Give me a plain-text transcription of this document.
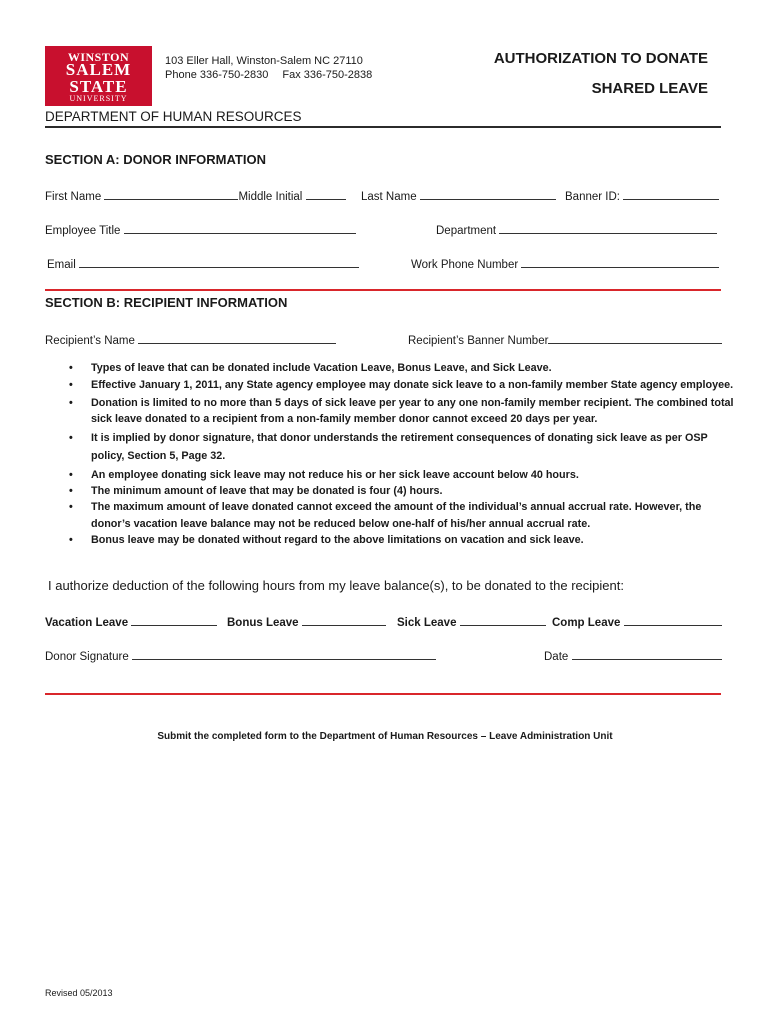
WINSTON
SALEM
STATE
UNIVERSITY
103 Eller Hall, Winston-Salem NC 27110
Phone 336-750-2830 Fax 336-750-2838
AUTHORIZATION TO DONATE
SHARED LEAVE
DEPARTMENT OF HUMAN RESOURCES
SECTION A: DONOR INFORMATION
First Name	Middle Initial	Last Name	Banner ID:
Employee Title	Department
Email	Work Phone Number
SECTION B: RECIPIENT INFORMATION
Recipient’s Name	Recipient’s Banner Number
• Types of leave that can be donated include Vacation Leave, Bonus Leave, and Sick Leave.
• Effective January 1, 2011, any State agency employee may donate sick leave to a non-family member State agency employee.
• Donation is limited to no more than 5 days of sick leave per year to any one non-family member recipient. The combined total sick leave donated to a recipient from a non-family member donor cannot exceed 20 days per year.
• It is implied by donor signature, that donor understands the retirement consequences of donating sick leave as per OSP policy, Section 5, Page 32.
• An employee donating sick leave may not reduce his or her sick leave account below 40 hours.
• The minimum amount of leave that may be donated is four (4) hours.
• The maximum amount of leave donated cannot exceed the amount of the individual’s annual accrual rate. However, the donor’s vacation leave balance may not be reduced below one-half of his/her annual accrual rate.
• Bonus leave may be donated without regard to the above limitations on vacation and sick leave.
I authorize deduction of the following hours from my leave balance(s), to be donated to the recipient:
Vacation Leave	Bonus Leave	Sick Leave	Comp Leave
Donor Signature	Date
Submit the completed form to the Department of Human Resources – Leave Administration Unit
Revised 05/2013
